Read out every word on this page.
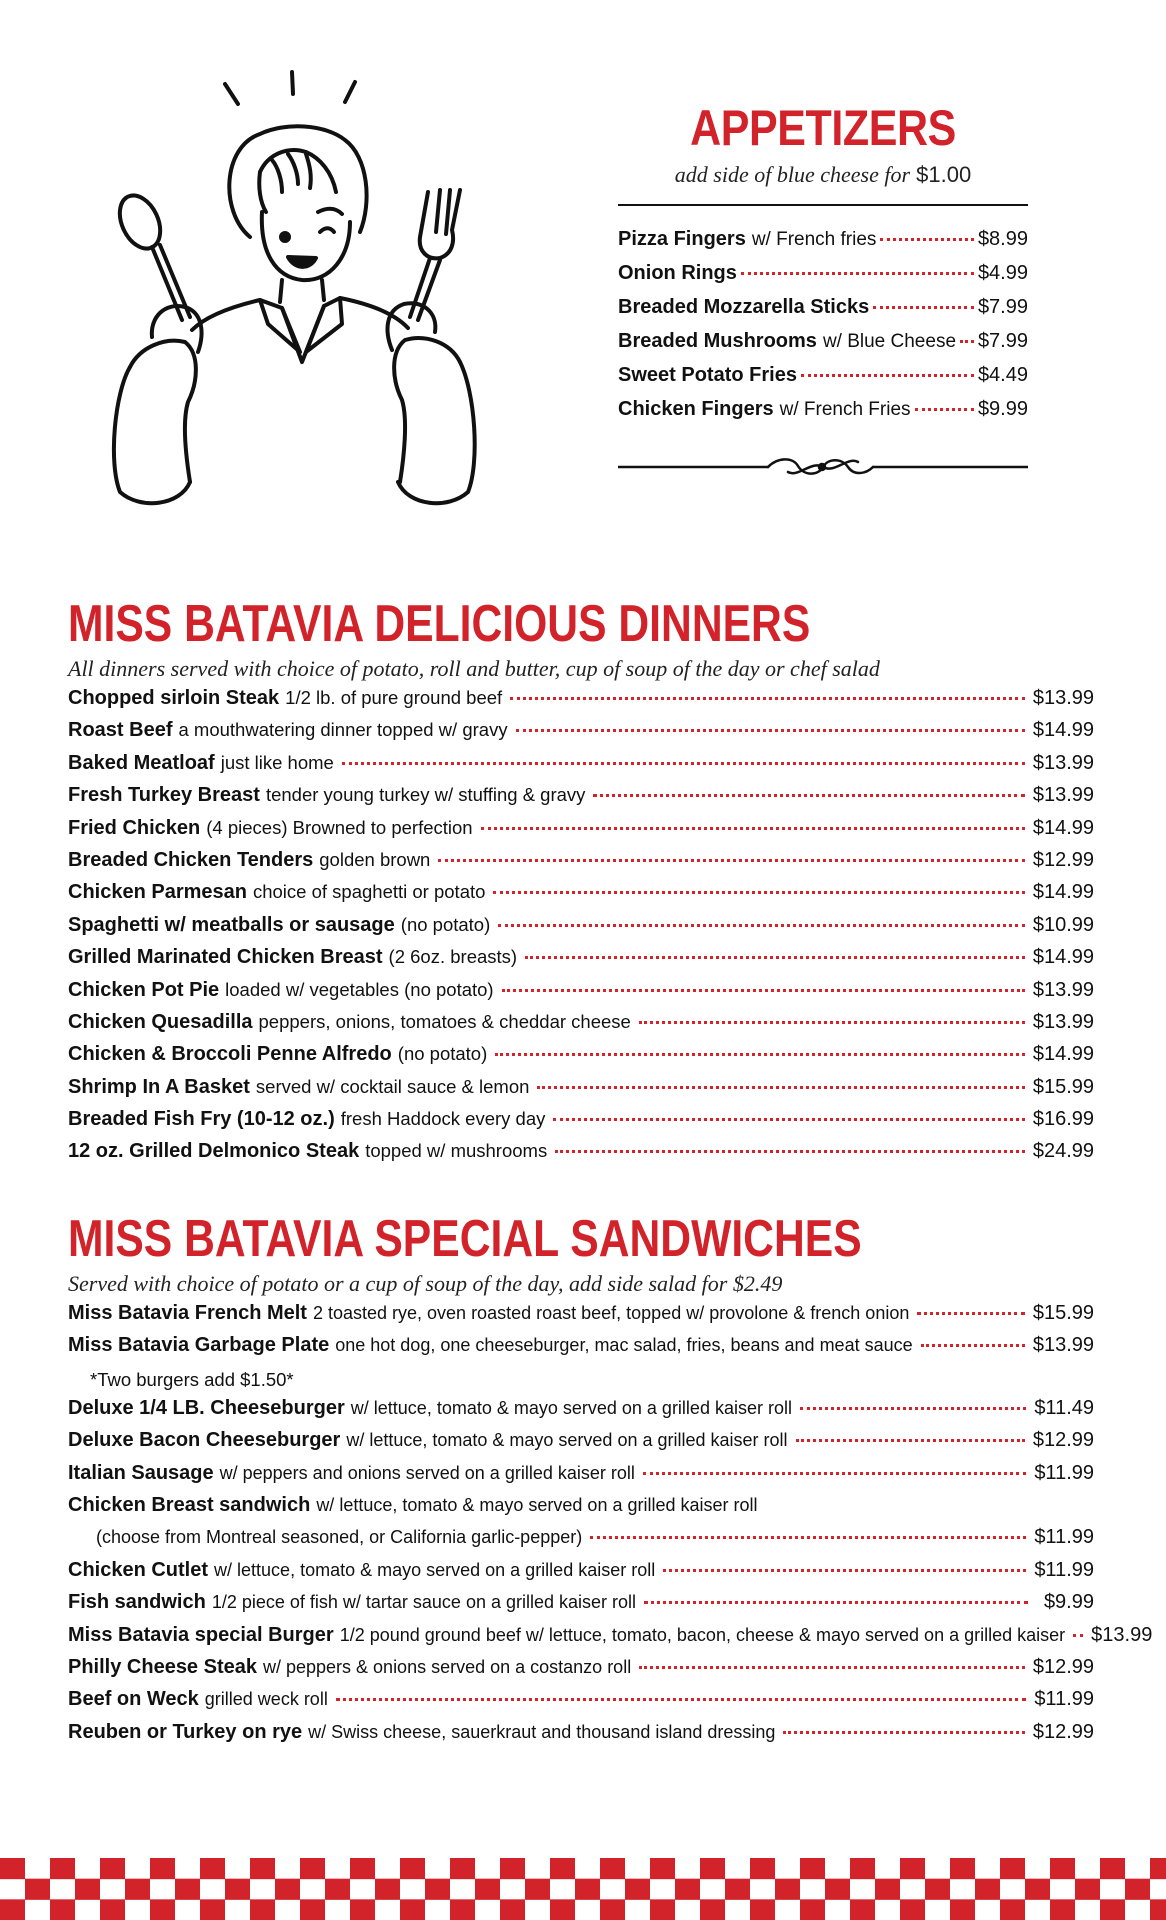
APPETIZERS
add side of blue cheese for $1.00
Pizza Fingers w/ French fries	$8.99
Onion Rings	$4.99
Breaded Mozzarella Sticks	$7.99
Breaded Mushrooms w/ Blue Cheese $7.99
Sweet Potato Fries	$4.49
Chicken Fingers w/ French Fries	$9.99
MISS BATAVIA DELICIOUS DINNERS
All dinners served with choice of potato, roll and butter, cup of soup of the day or chef salad
Chopped sirloin Steak 1/2 lb. of pure ground beef	$13.99
Roast Beef a mouthwatering dinner topped w/ gravy	$14.99
Baked Meatloaf just like home	$13.99
Fresh Turkey Breast tender young turkey w/ stuffing & gravy	$13.99
Fried Chicken (4 pieces) Browned to perfection	$14.99
Breaded Chicken Tenders golden brown	$12.99
Chicken Parmesan choice of spaghetti or potato	$14.99
Spaghetti w/ meatballs or sausage (no potato)	$10.99
Grilled Marinated Chicken Breast (2 6oz. breasts)	$14.99
Chicken Pot Pie loaded w/ vegetables (no potato)	$13.99
Chicken Quesadilla peppers, onions, tomatoes & cheddar cheese	$13.99
Chicken & Broccoli Penne Alfredo (no potato)	$14.99
Shrimp In A Basket served w/ cocktail sauce & lemon	$15.99
Breaded Fish Fry (10-12 oz.) fresh Haddock every day	$16.99
12 oz. Grilled Delmonico Steak topped w/ mushrooms	$24.99
MISS BATAVIA SPECIAL SANDWICHES
Served with choice of potato or a cup of soup of the day, add side salad for $2.49
Miss Batavia French Melt 2 toasted rye, oven roasted roast beef, topped w/ provolone & french onion	$15.99
Miss Batavia Garbage Plate one hot dog, one cheeseburger, mac salad, fries, beans and meat sauce	$13.99
*Two burgers add $1.50*
Deluxe 1/4 LB. Cheeseburger w/ lettuce, tomato & mayo served on a grilled kaiser roll	$11.49
Deluxe Bacon Cheeseburger w/ lettuce, tomato & mayo served on a grilled kaiser roll	$12.99
Italian Sausage w/ peppers and onions served on a grilled kaiser roll	$11.99
Chicken Breast sandwich w/ lettuce, tomato & mayo served on a grilled kaiser roll
(choose from Montreal seasoned, or California garlic-pepper)	$11.99
Chicken Cutlet w/ lettuce, tomato & mayo served on a grilled kaiser roll	$11.99
Fish sandwich 1/2 piece of fish w/ tartar sauce on a grilled kaiser roll	$9.99
Miss Batavia special Burger 1/2 pound ground beef w/ lettuce, tomato, bacon, cheese & mayo served on a grilled kaiser $13.99
Philly Cheese Steak w/ peppers & onions served on a costanzo roll	$12.99
Beef on Weck grilled weck roll	$11.99
Reuben or Turkey on rye w/ Swiss cheese, sauerkraut and thousand island dressing	$12.99
